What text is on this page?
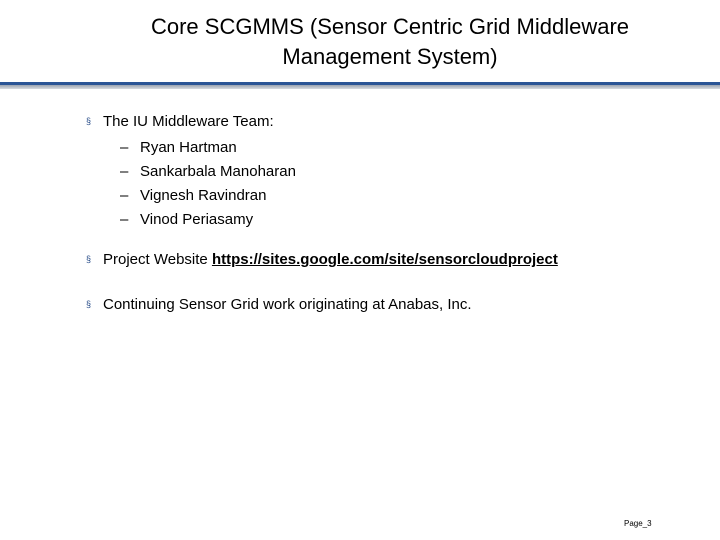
Core SCGMMS (Sensor Centric Grid Middleware
Management System)
§ The IU Middleware Team:
– Ryan Hartman
– Sankarbala Manoharan
– Vignesh Ravindran
– Vinod Periasamy
§ Project Website https://sites.google.com/site/sensorcloudproject
§ Continuing Sensor Grid work originating at Anabas, Inc.
Page_3
